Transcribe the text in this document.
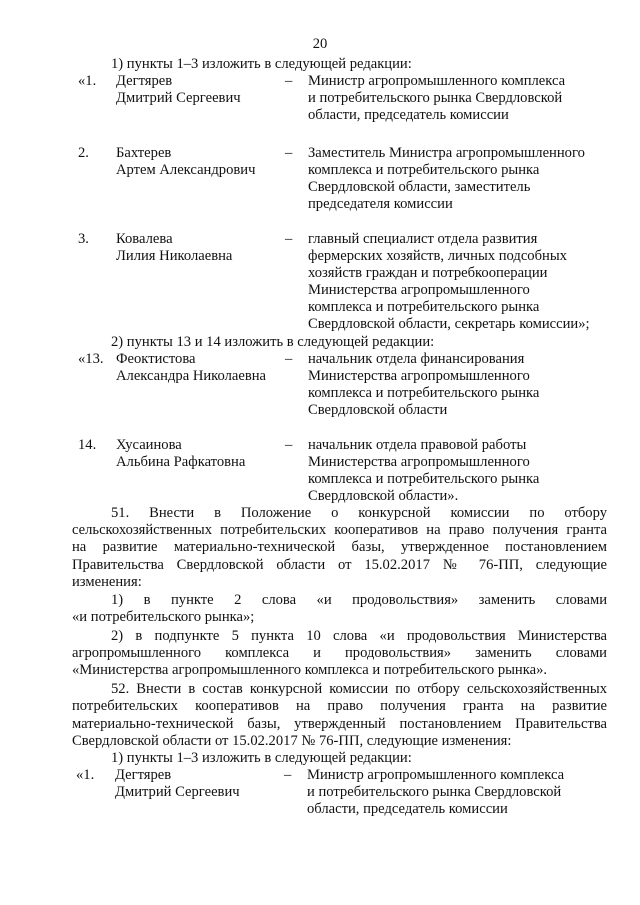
20
1) пункты 1–3 изложить в следующей редакции:
«1. Дегтярев
Дмитрий Сергеевич
– Министр агропромышленного комплекса
и потребительского рынка Свердловской
области, председатель комиссии
2. Бахтерев
Артем Александрович
– Заместитель Министра агропромышленного
комплекса и потребительского рынка
Свердловской области, заместитель
председателя комиссии
3. Ковалева
Лилия Николаевна
– главный специалист отдела развития
фермерских хозяйств, личных подсобных
хозяйств граждан и потребкооперации
Министерства агропромышленного
комплекса и потребительского рынка
Свердловской области, секретарь комиссии»;
2) пункты 13 и 14 изложить в следующей редакции:
«13. Феоктистова
Александра Николаевна
– начальник отдела финансирования
Министерства агропромышленного
комплекса и потребительского рынка
Свердловской области
14. Хусаинова
Альбина Рафкатовна
– начальник отдела правовой работы
Министерства агропромышленного
комплекса и потребительского рынка
Свердловской области».
51. Внести в Положение о конкурсной комиссии по отбору
сельскохозяйственных потребительских кооперативов на право получения гранта
на развитие материально-технической базы, утвержденное постановлением
Правительства Свердловской области от 15.02.2017 № 76-ПП, следующие
изменения:
1) в пункте 2 слова «и продовольствия» заменить словами
«и потребительского рынка»;
2) в подпункте 5 пункта 10 слова «и продовольствия Министерства
агропромышленного комплекса и продовольствия» заменить словами
«Министерства агропромышленного комплекса и потребительского рынка».
52. Внести в состав конкурсной комиссии по отбору сельскохозяйственных
потребительских кооперативов на право получения гранта на развитие
материально-технической базы, утвержденный постановлением Правительства
Свердловской области от 15.02.2017 № 76-ПП, следующие изменения:
1) пункты 1–3 изложить в следующей редакции:
«1. Дегтярев
Дмитрий Сергеевич
– Министр агропромышленного комплекса
и потребительского рынка Свердловской
области, председатель комиссии
